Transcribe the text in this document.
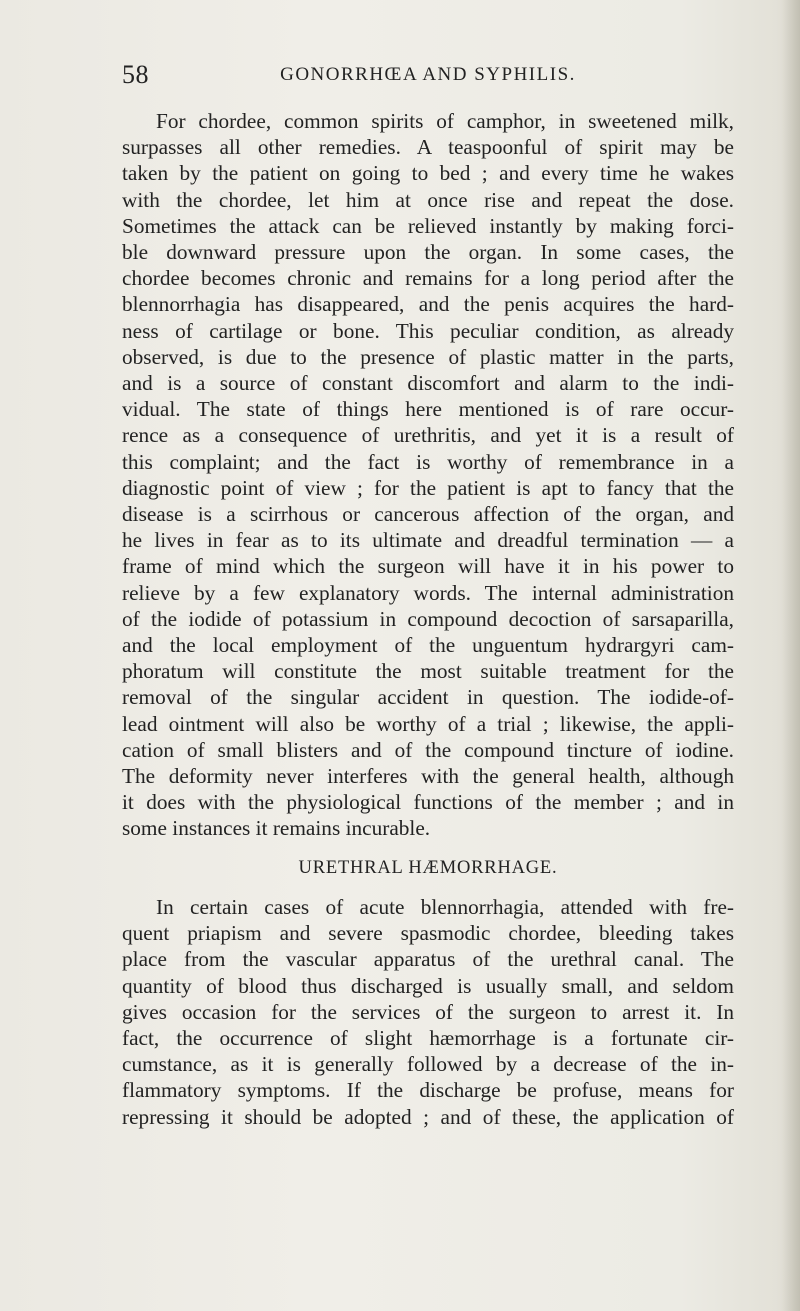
58	GONORRHŒA AND SYPHILIS.
For chordee, common spirits of camphor, in sweetened milk,
surpasses all other remedies. A teaspoonful of spirit may be
taken by the patient on going to bed ; and every time he wakes
with the chordee, let him at once rise and repeat the dose.
Sometimes the attack can be relieved instantly by making forci-
ble downward pressure upon the organ. In some cases, the
chordee becomes chronic and remains for a long period after the
blennorrhagia has disappeared, and the penis acquires the hard-
ness of cartilage or bone. This peculiar condition, as already
observed, is due to the presence of plastic matter in the parts,
and is a source of constant discomfort and alarm to the indi-
vidual. The state of things here mentioned is of rare occur-
rence as a consequence of urethritis, and yet it is a result of
this complaint; and the fact is worthy of remembrance in a
diagnostic point of view ; for the patient is apt to fancy that the
disease is a scirrhous or cancerous affection of the organ, and
he lives in fear as to its ultimate and dreadful termination — a
frame of mind which the surgeon will have it in his power to
relieve by a few explanatory words. The internal administration
of the iodide of potassium in compound decoction of sarsaparilla,
and the local employment of the unguentum hydrargyri cam-
phoratum will constitute the most suitable treatment for the
removal of the singular accident in question. The iodide-of-
lead ointment will also be worthy of a trial ; likewise, the appli-
cation of small blisters and of the compound tincture of iodine.
The deformity never interferes with the general health, although
it does with the physiological functions of the member ; and in
some instances it remains incurable.
URETHRAL HÆMORRHAGE.
In certain cases of acute blennorrhagia, attended with fre-
quent priapism and severe spasmodic chordee, bleeding takes
place from the vascular apparatus of the urethral canal. The
quantity of blood thus discharged is usually small, and seldom
gives occasion for the services of the surgeon to arrest it. In
fact, the occurrence of slight hæmorrhage is a fortunate cir-
cumstance, as it is generally followed by a decrease of the in-
flammatory symptoms. If the discharge be profuse, means for
repressing it should be adopted ; and of these, the application of
